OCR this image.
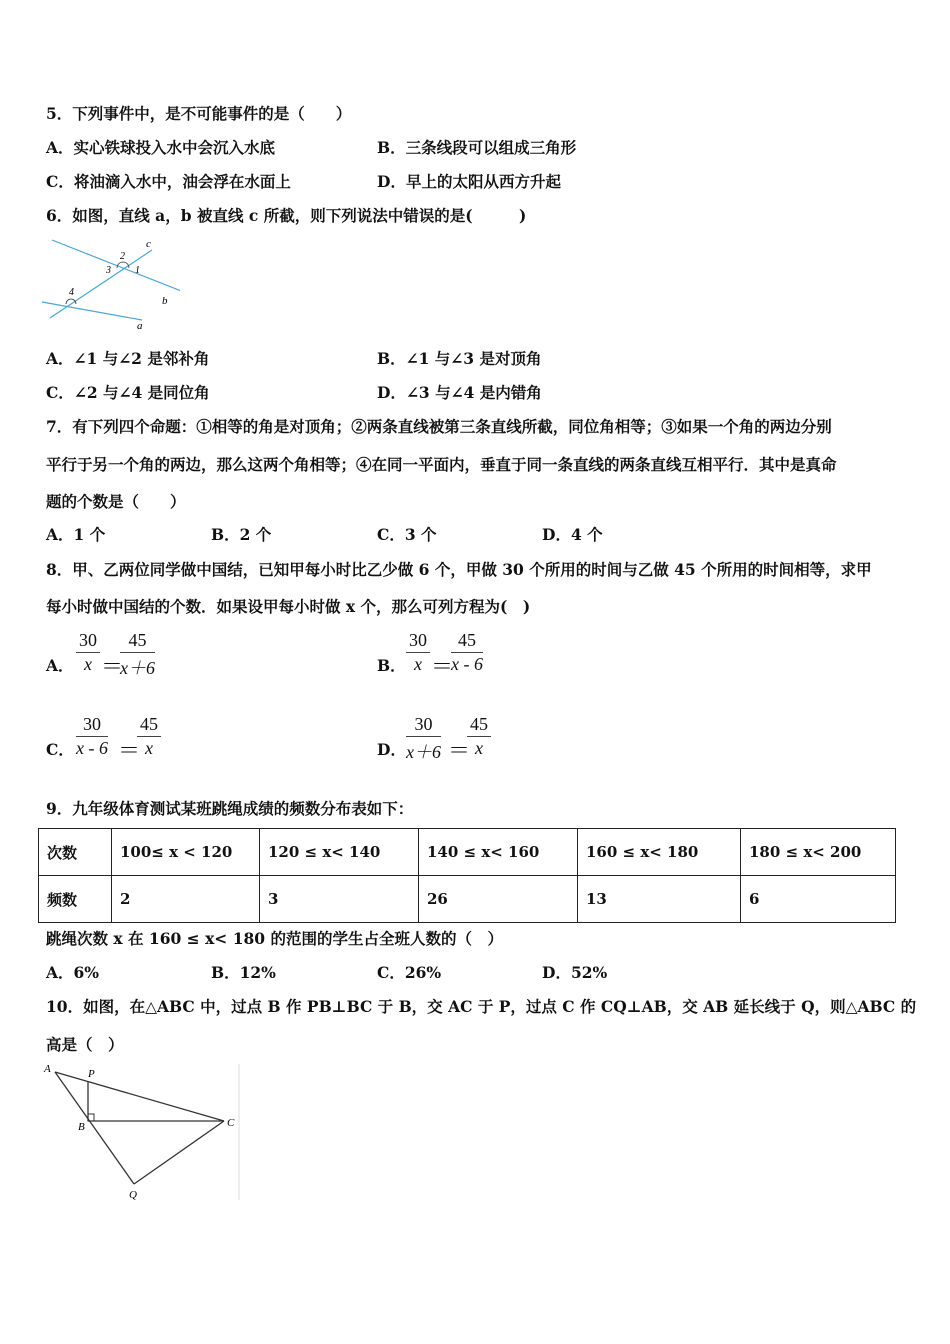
5．下列事件中，是不可能事件的是（　　）
A．实心铁球投入水中会沉入水底	B．三条线段可以组成三角形
C．将油滴入水中，油会浮在水面上	D．早上的太阳从西方升起
6．如图，直线 a，b 被直线 c 所截，则下列说法中错误的是(　　　)
c
b
a
1
2
3
4
A．∠1 与∠2 是邻补角	B．∠1 与∠3 是对顶角
C．∠2 与∠4 是同位角	D．∠3 与∠4 是内错角
7．有下列四个命题：①相等的角是对顶角；②两条直线被第三条直线所截，同位角相等；③如果一个角的两边分别
平行于另一个角的两边，那么这两个角相等；④在同一平面内，垂直于同一条直线的两条直线互相平行．其中是真命
题的个数是（　　）
A．1 个	B．2 个	C．3 个	D．4 个
8．甲、乙两位同学做中国结，已知甲每小时比乙少做 6 个，甲做 30 个所用的时间与乙做 45 个所用的时间相等，求甲
每小时做中国结的个数．如果设甲每小时做 x 个，那么可列方程为(　)
A． $\frac{30}{x}$ ＝
$\frac{45}{x+6}$	B． $\frac{30}{x}$ ＝
$\frac{45}{x - 6}$
C． $\frac{30}{x - 6}$ ＝
$\frac{45}{x}$	D． $\frac{30}{x+6}$ ＝
$\frac{45}{x}$
9．九年级体育测试某班跳绳成绩的频数分布表如下：
次数	100≤ x < 120	120 ≤ x< 140	140 ≤ x< 160	160 ≤ x< 180	180 ≤ x< 200
频数	2	3	26	13	6
跳绳次数 x 在 160 ≤ x< 180 的范围的学生占全班人数的（　）
A．6%	B．12%	C．26%	D．52%
10．如图，在△ABC 中，过点 B 作 PB⊥BC 于 B，交 AC 于 P，过点 C 作 CQ⊥AB，交 AB 延长线于 Q，则△ABC 的
高是（　）
A	P
B	C
Q
